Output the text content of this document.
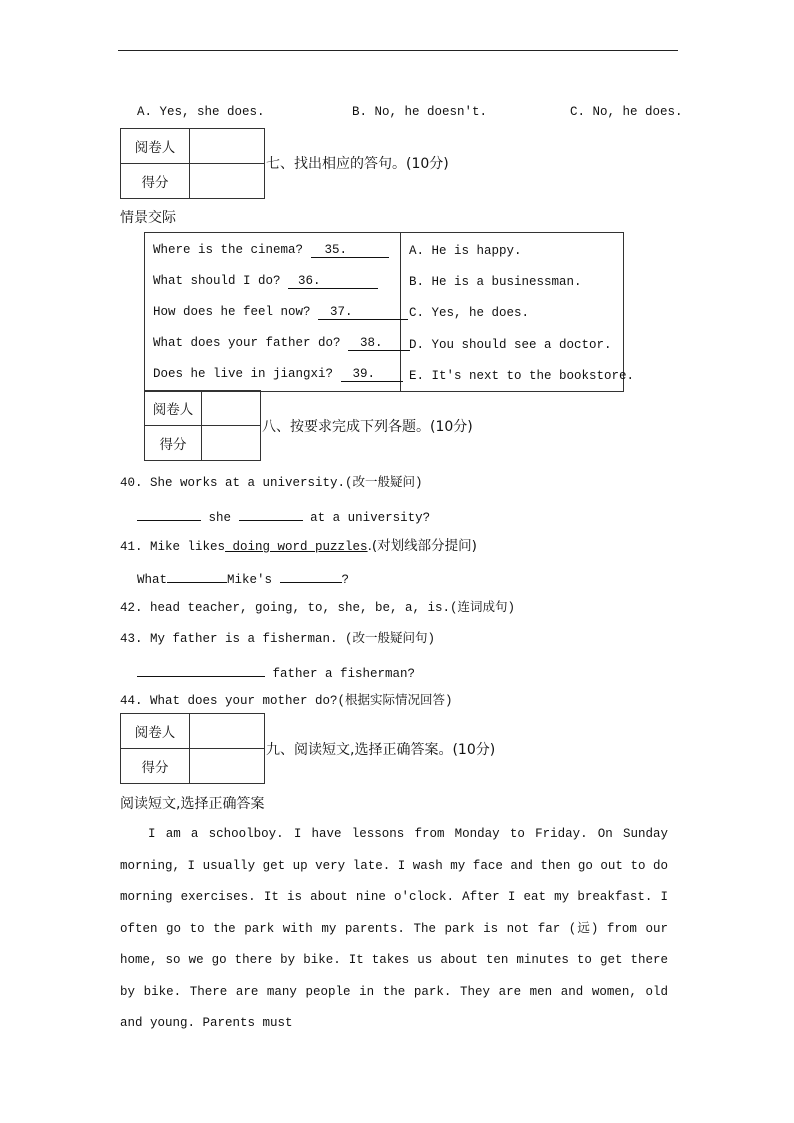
A. Yes, she does.	B. No, he doesn't.	C. No, he does.
阅卷人	
得分	
七、找出相应的答句。(10分)
情景交际
Where is the cinema? 35.
What should I do? 36.
How does he feel now? 37.
What does your father do? 38.
Does he live in jiangxi? 39.
A. He is happy.
B. He is a businessman.
C. Yes, he does.
D. You should see a doctor.
E. It's next to the bookstore.
阅卷人	
得分	
八、按要求完成下列各题。(10分)
40. She works at a university.(改一般疑问)
she	at a university?
41. Mike likes doing word puzzles.(对划线部分提问)
What	Mike's	?
42. head teacher, going, to, she, be, a, is.(连词成句)
43. My father is a fisherman. (改一般疑问句)
father a fisherman?
44. What does your mother do?(根据实际情况回答)
阅卷人	
得分	
九、阅读短文,选择正确答案。(10分)
阅读短文,选择正确答案

I am a schoolboy. I have lessons from Monday to Friday. On Sunday morning, I usually get up very late. I wash my face and then go out to do morning exercises. It is about nine o'clock. After I eat my breakfast. I often go to the park with my parents. The park is not far (远) from our home, so we go there by bike. It takes us about ten minutes to get there by bike. There are many people in the park. They are men and women, old and young. Parents must
